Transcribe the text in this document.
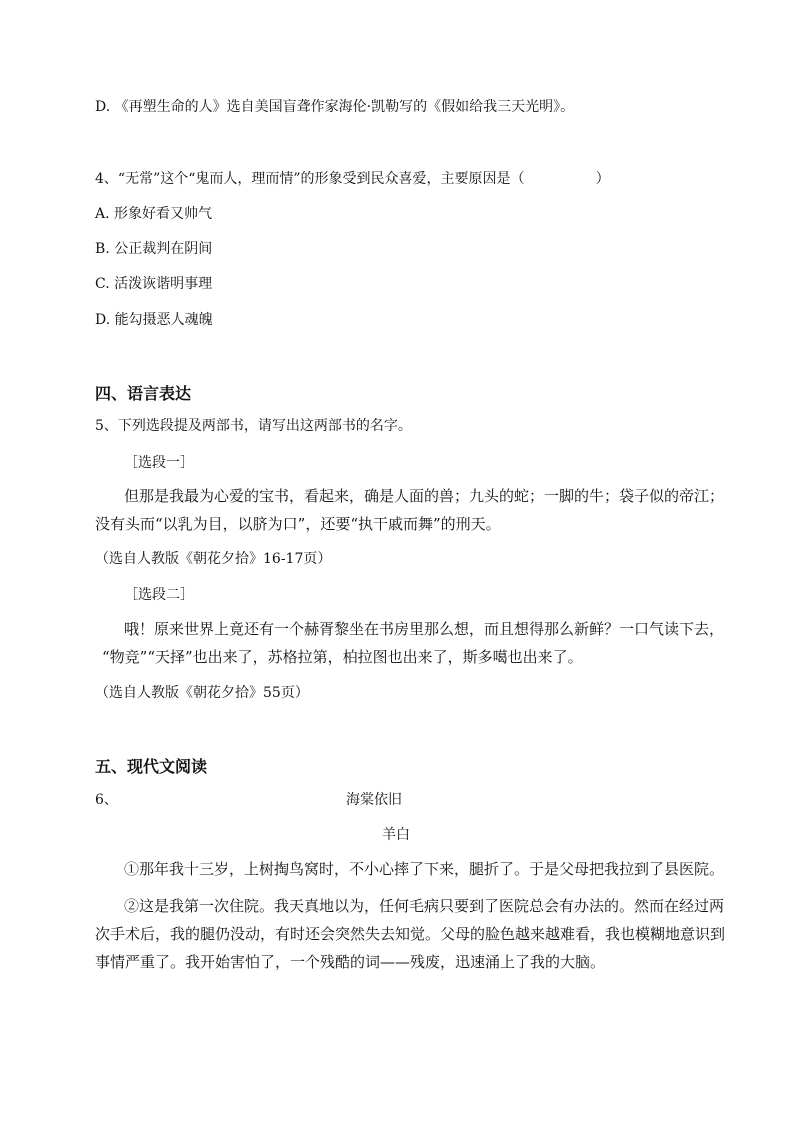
D. 《再塑生命的人》选自美国盲聋作家海伦·凯勒写的《假如给我三天光明》。
4、“无常”这个“鬼而人，理而情”的形象受到民众喜爱，主要原因是（                ）
A. 形象好看又帅气
B. 公正裁判在阴间
C. 活泼诙谐明事理
D. 能勾摄恶人魂魄
四、语言表达
5、下列选段提及两部书，请写出这两部书的名字。
［选段一］
但那是我最为心爱的宝书，看起来，确是人面的兽；九头的蛇；一脚的牛；袋子似的帝江；
没有头而“以乳为目，以脐为口”，还要“执干戚而舞”的刑天。
（选自人教版《朝花夕拾》16-17页）
［选段二］
哦！原来世界上竟还有一个赫胥黎坐在书房里那么想，而且想得那么新鲜？一口气读下去，
“物竞”“天择”也出来了，苏格拉第，柏拉图也出来了，斯多噶也出来了。
（选自人教版《朝花夕拾》55页）
五、现代文阅读
6、	海棠依旧
羊白
①那年我十三岁，上树掏鸟窝时，不小心摔了下来，腿折了。于是父母把我拉到了县医院。
②这是我第一次住院。我天真地以为，任何毛病只要到了医院总会有办法的。然而在经过两
次手术后，我的腿仍没动，有时还会突然失去知觉。父母的脸色越来越难看，我也模糊地意识到
事情严重了。我开始害怕了，一个残酷的词——残废，迅速涌上了我的大脑。
